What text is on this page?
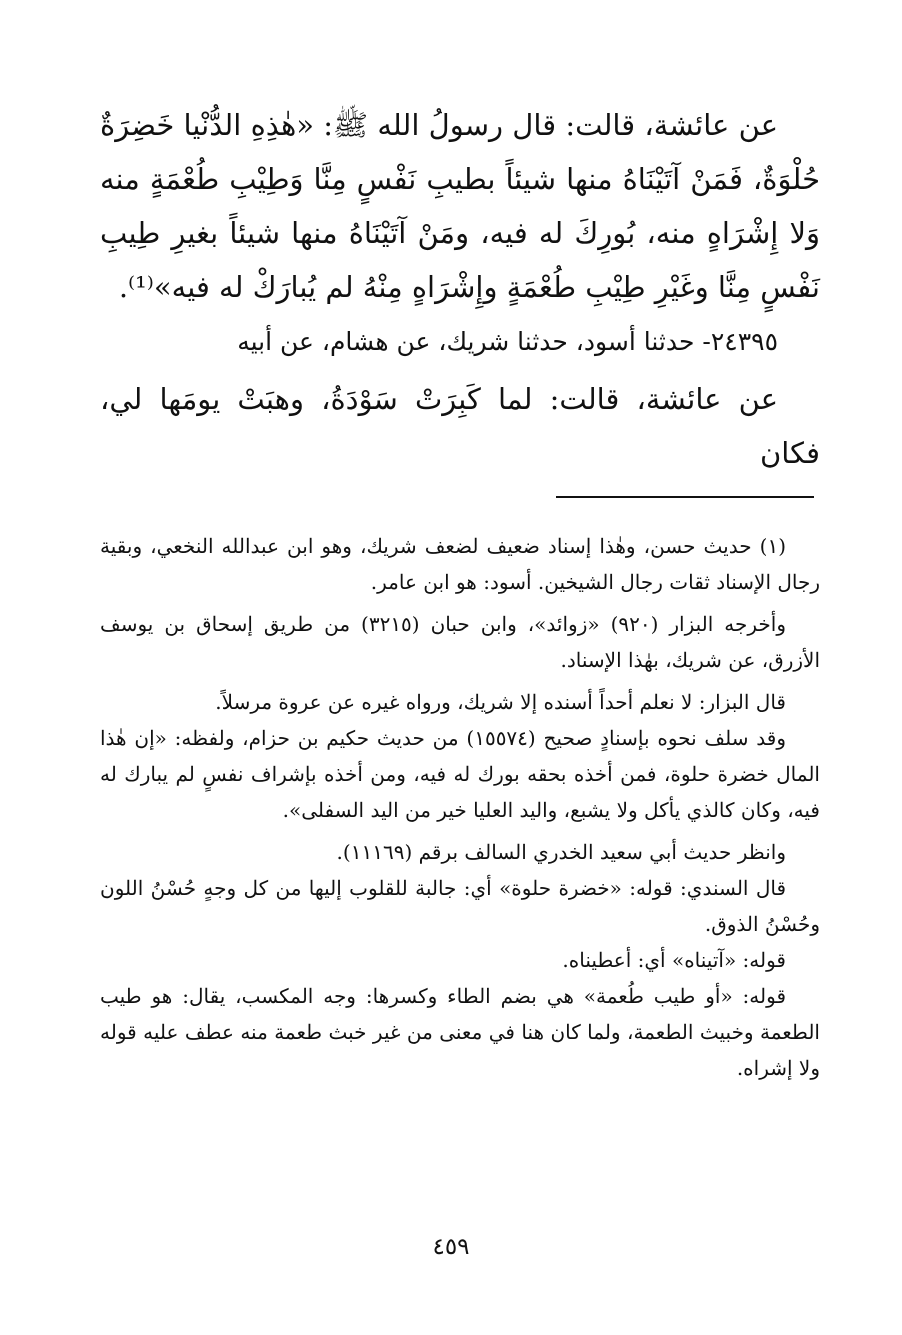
عن عائشة، قالت: قال رسولُ الله ﷺ: «هٰذِهِ الدُّنْيا خَضِرَةٌ حُلْوَةٌ، فَمَنْ آتَيْنَاهُ منها شيئاً بطيبِ نَفْسٍ مِنَّا وَطِيْبِ طُعْمَةٍ منه وَلا إِشْرَاهٍ منه، بُورِكَ له فيه، ومَنْ آتَيْنَاهُ منها شيئاً بغيرِ طِيبِ نَفْسٍ مِنَّا وغَيْرِ طِيْبِ طُعْمَةٍ وإِشْرَاهٍ مِنْهُ لم يُبارَكْ له فيه»⁽¹⁾.

٢٤٣٩٥- حدثنا أسود، حدثنا شريك، عن هشام، عن أبيه

عن عائشة، قالت: لما كَبِرَتْ سَوْدَةُ، وهبَتْ يومَها لي، فكان

(١) حديث حسن، وهٰذا إسناد ضعيف لضعف شريك، وهو ابن عبدالله النخعي، وبقية رجال الإسناد ثقات رجال الشيخين. أسود: هو ابن عامر.

وأخرجه البزار (٩٢٠) «زوائد»، وابن حبان (٣٢١٥) من طريق إسحاق بن يوسف الأزرق، عن شريك، بهٰذا الإسناد.

قال البزار: لا نعلم أحداً أسنده إلا شريك، ورواه غيره عن عروة مرسلاً.

وقد سلف نحوه بإسنادٍ صحيح (١٥٥٧٤) من حديث حكيم بن حزام، ولفظه: «إن هٰذا المال خضرة حلوة، فمن أخذه بحقه بورك له فيه، ومن أخذه بإشراف نفسٍ لم يبارك له فيه، وكان كالذي يأكل ولا يشبع، واليد العليا خير من اليد السفلى».

وانظر حديث أبي سعيد الخدري السالف برقم (١١١٦٩).

قال السندي: قوله: «خضرة حلوة» أي: جالبة للقلوب إليها من كل وجهٍ حُسْنُ اللون وحُسْنُ الذوق.

قوله: «آتيناه» أي: أعطيناه.

قوله: «أو طيب طُعمة» هي بضم الطاء وكسرها: وجه المكسب، يقال: هو طيب الطعمة وخبيث الطعمة، ولما كان هنا في معنى من غير خبث طعمة منه عطف عليه قوله ولا إشراه.

٤٥٩
